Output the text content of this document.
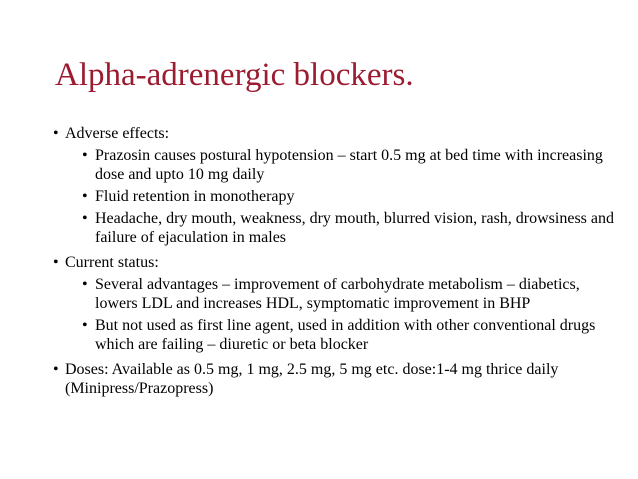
Alpha-adrenergic blockers.
• Adverse effects:
• Prazosin causes postural hypotension – start 0.5 mg at bed time with increasing dose and upto 10 mg daily
• Fluid retention in monotherapy
• Headache, dry mouth, weakness, dry mouth, blurred vision, rash, drowsiness and failure of ejaculation in males
• Current status:
• Several advantages – improvement of carbohydrate metabolism – diabetics, lowers LDL and increases HDL, symptomatic improvement in BHP
• But not used as first line agent, used in addition with other conventional drugs which are failing – diuretic or beta blocker
• Doses: Available as 0.5 mg, 1 mg, 2.5 mg, 5 mg etc. dose:1-4 mg thrice daily (Minipress/Prazopress)
